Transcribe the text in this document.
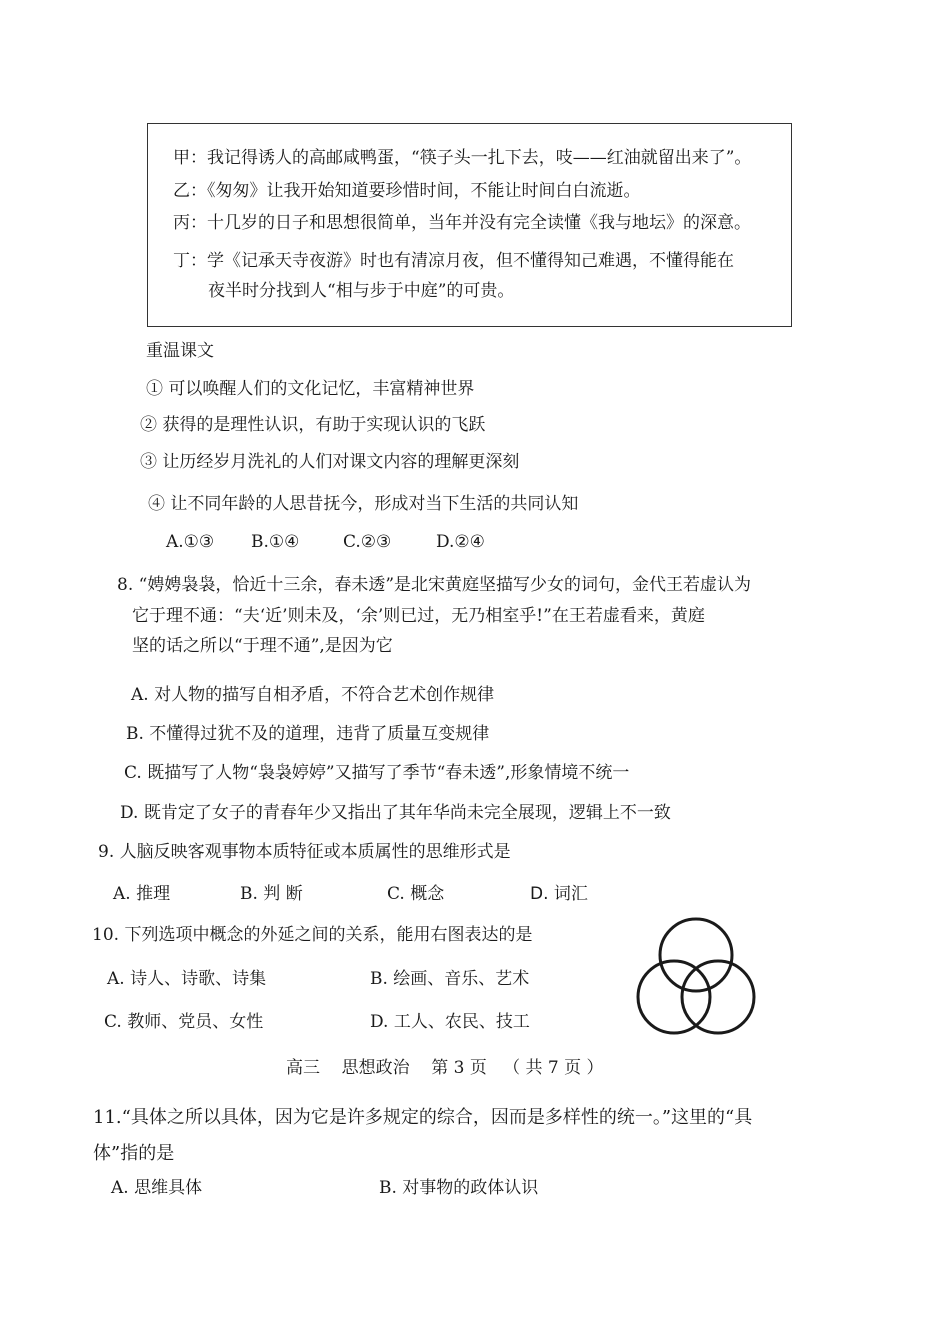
甲：我记得诱人的高邮咸鸭蛋，“筷子头一扎下去，吱——红油就留出来了”。
乙：《匆匆》让我开始知道要珍惜时间，不能让时间白白流逝。
丙：十几岁的日子和思想很简单，当年并没有完全读懂《我与地坛》的深意。
丁：学《记承天寺夜游》时也有清凉月夜，但不懂得知己难遇，不懂得能在
夜半时分找到人“相与步于中庭”的可贵。
重温课文
① 可以唤醒人们的文化记忆，丰富精神世界
② 获得的是理性认识，有助于实现认识的飞跃
③ 让历经岁月洗礼的人们对课文内容的理解更深刻
④ 让不同年龄的人思昔抚今，形成对当下生活的共同认知
A.①③ B.①④	C.②③	D.②④
8. “娉娉袅袅，恰近十三余，春未透”是北宋黄庭坚描写少女的词句，金代王若虚认为
它于理不通：“夫‘近’则未及，‘余’则已过，无乃相室乎!”在王若虚看来，黄庭
坚的话之所以“于理不通”,是因为它
A. 对人物的描写自相矛盾，不符合艺术创作规律
B. 不懂得过犹不及的道理，违背了质量互变规律
C. 既描写了人物“袅袅婷婷”又描写了季节“春未透”,形象情境不统一
D. 既肯定了女子的青春年少又指出了其年华尚未完全展现，逻辑上不一致
9. 人脑反映客观事物本质特征或本质属性的思维形式是
A. 推理	B. 判 断	C. 概念	D. 词汇
10. 下列选项中概念的外延之间的关系，能用右图表达的是
A. 诗人、诗歌、诗集	B. 绘画、音乐、艺术
C. 教师、党员、女性	D. 工人、农民、技工
高三    思想政治    第 3 页   （ 共 7 页 ）
11.“具体之所以具体，因为它是许多规定的综合，因而是多样性的统一。”这里的“具
体”指的是
A. 思维具体	B. 对事物的政体认识
